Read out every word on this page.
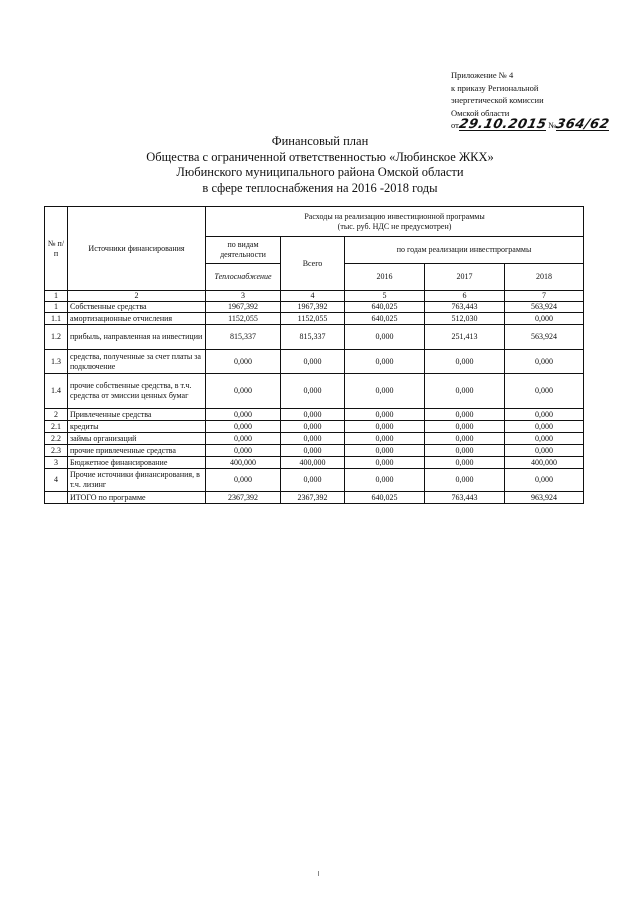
Приложение № 4
к приказу Региональной
энергетической комиссии
Омской области
от29.10.2015 №364/62
Финансовый план
Общества с ограниченной ответственностью «Любинское ЖКХ»
Любинского муниципального района Омской области
в сфере теплоснабжения на 2016 -2018 годы
№ п/п	Источники финансирования	Расходы на реализацию инвестиционной программы
(тыс. руб. НДС не предусмотрен)				

		по видам деятельности	Всего	по годам реализации инвестпрограммы		
		Теплоснабжение		2016	2017	2018
1	2	3	4	5	6	7
1	Собственные средства	1967,392	1967,392	640,025	763,443	563,924
1.1	амортизационные отчисления	1152,055	1152,055	640,025	512,030	0,000
1.2	прибыль, направленная на инвестиции	815,337	815,337	0,000	251,413	563,924
1.3	средства, полученные за счет платы за подключение	0,000	0,000	0,000	0,000	0,000
1.4	прочие собственные средства, в т.ч. средства от эмиссии ценных бумаг	0,000	0,000	0,000	0,000	0,000
2	Привлеченные средства	0,000	0,000	0,000	0,000	0,000
2.1	кредиты	0,000	0,000	0,000	0,000	0,000
2.2	займы организаций	0,000	0,000	0,000	0,000	0,000
2.3	прочие привлеченные средства	0,000	0,000	0,000	0,000	0,000
3	Бюджетное финансирование	400,000	400,000	0,000	0,000	400,000
4	Прочие источники финансирования, в т.ч. лизинг	0,000	0,000	0,000	0,000	0,000
	ИТОГО по программе	2367,392	2367,392	640,025	763,443	963,924
